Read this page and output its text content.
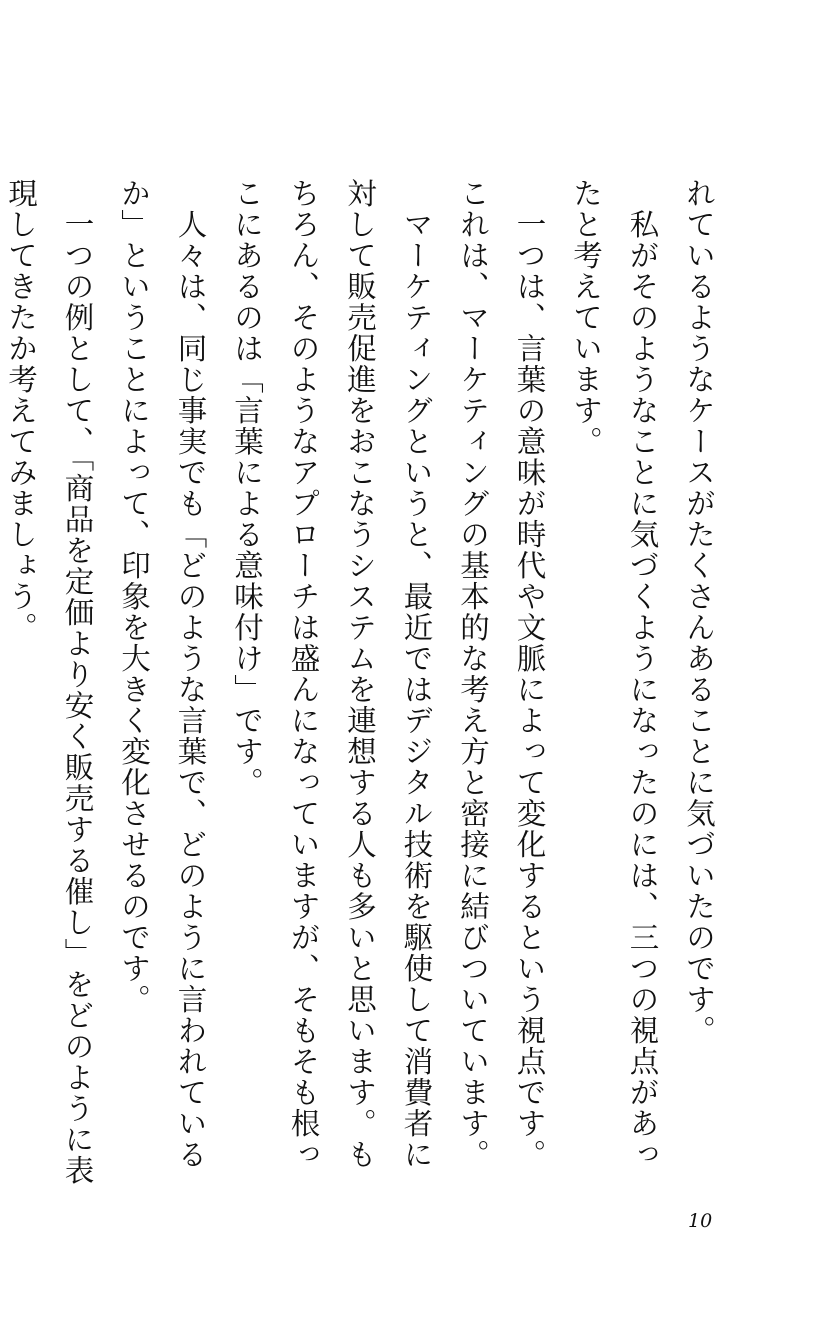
れているようなケースがたくさんあることに気づいたのです。

　私がそのようなことに気づくようになったのには、三つの視点があったと考えています。

　一つは、言葉の意味が時代や文脈によって変化するという視点です。これは、マーケティングの基本的な考え方と密接に結びついています。

　マーケティングというと、最近ではデジタル技術を駆使して消費者に対して販売促進をおこなうシステムを連想する人も多いと思います。もちろん、そのようなアプローチは盛んになっていますが、そもそも根っこにあるのは「言葉による意味付け」です。

　人々は、同じ事実でも「どのような言葉で、どのように言われているか」ということによって、印象を大きく変化させるのです。

　一つの例として、「商品を定価より安く販売する催し」をどのように表現してきたか考えてみましょう。

10
